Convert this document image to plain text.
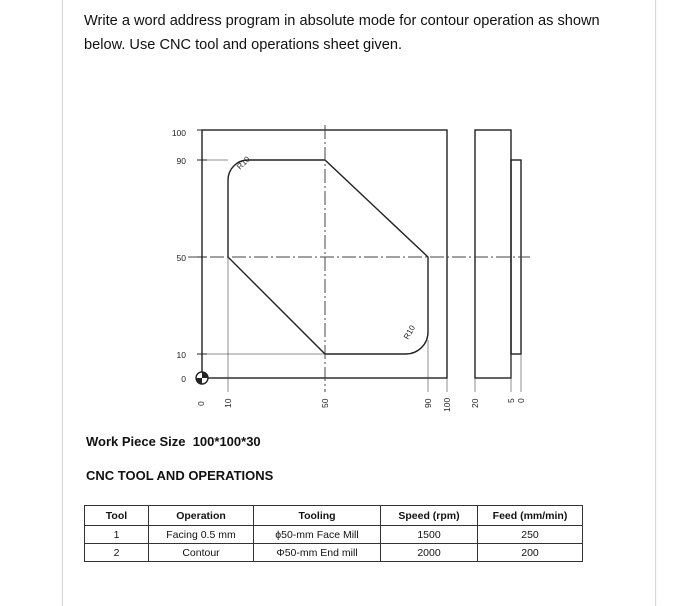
Write a word address program in absolute mode for contour operation as shown below. Use CNC tool and operations sheet given.

100
90
50
10
0
0 10	50	90 100 20	5 0
R10
R10
Work Piece Size  100*100*30
CNC TOOL AND OPERATIONS
Tool	Operation	Tooling	Speed (rpm)	Feed (mm/min)
1	Facing 0.5 mm	ϕ50-mm Face Mill	1500	250
2	Contour	Φ50-mm End mill	2000	200
